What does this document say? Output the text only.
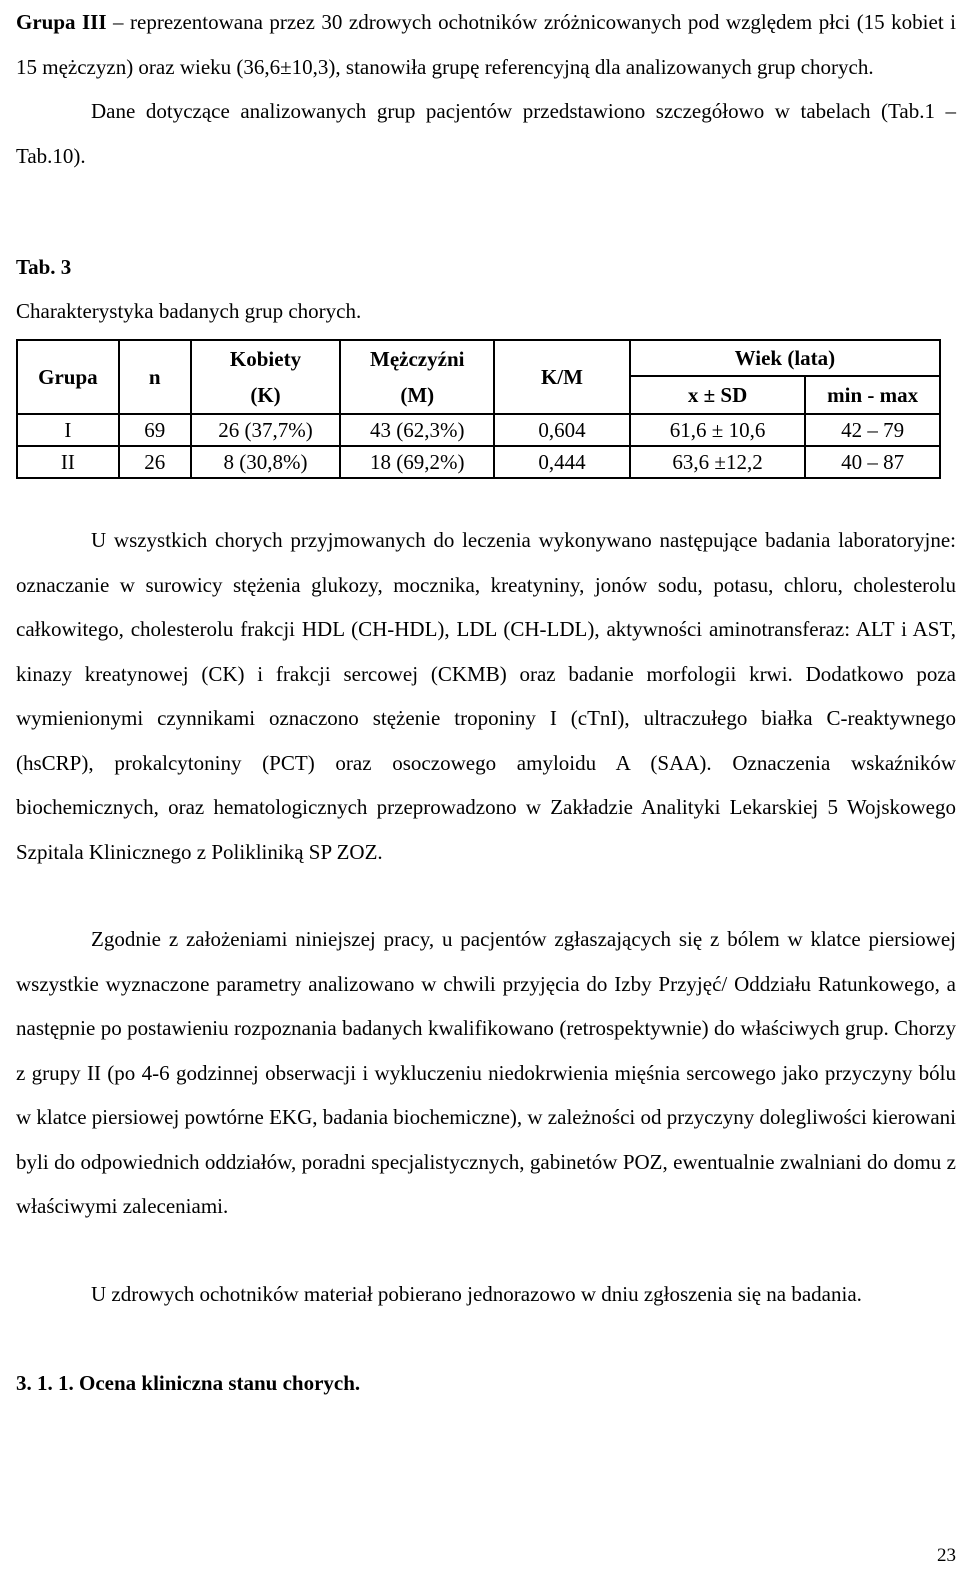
Grupa III – reprezentowana przez 30 zdrowych ochotników zróżnicowanych pod względem płci (15 kobiet i 15 mężczyzn) oraz wieku (36,6±10,3), stanowiła grupę referencyjną dla analizowanych grup chorych.
Dane dotyczące analizowanych grup pacjentów przedstawiono szczegółowo w tabelach (Tab.1 – Tab.10).

Tab. 3
Charakterystyka badanych grup chorych.
Grupa	n	Kobiety	Mężczyźni	K/M	Wiek (lata)	
		(K)	(M)		x ± SD	min - max
I	69	26 (37,7%)	43 (62,3%)	0,604	61,6 ± 10,6	42 – 79
II	26	8 (30,8%)	18 (69,2%)	0,444	63,6 ±12,2	40 – 87

U wszystkich chorych przyjmowanych do leczenia wykonywano następujące badania laboratoryjne: oznaczanie w surowicy stężenia glukozy, mocznika, kreatyniny, jonów sodu, potasu, chloru, cholesterolu całkowitego, cholesterolu frakcji HDL (CH-HDL), LDL (CH-LDL), aktywności aminotransferaz: ALT i AST, kinazy kreatynowej (CK) i frakcji sercowej (CKMB) oraz badanie morfologii krwi. Dodatkowo poza wymienionymi czynnikami oznaczono stężenie troponiny I (cTnI), ultraczułego białka C-reaktywnego (hsCRP), prokalcytoniny (PCT) oraz osoczowego amyloidu A (SAA). Oznaczenia wskaźników biochemicznych, oraz hematologicznych przeprowadzono w Zakładzie Analityki Lekarskiej 5 Wojskowego Szpitala Klinicznego z Polikliniką SP ZOZ.

Zgodnie z założeniami niniejszej pracy, u pacjentów zgłaszających się z bólem w klatce piersiowej wszystkie wyznaczone parametry analizowano w chwili przyjęcia do Izby Przyjęć/ Oddziału Ratunkowego, a następnie po postawieniu rozpoznania badanych kwalifikowano (retrospektywnie) do właściwych grup. Chorzy z grupy II (po 4-6 godzinnej obserwacji i wykluczeniu niedokrwienia mięśnia sercowego jako przyczyny bólu w klatce piersiowej powtórne EKG, badania biochemiczne), w zależności od przyczyny dolegliwości kierowani byli do odpowiednich oddziałów, poradni specjalistycznych, gabinetów POZ, ewentualnie zwalniani do domu z właściwymi zaleceniami.

U zdrowych ochotników materiał pobierano jednorazowo w dniu zgłoszenia się na badania.

3. 1. 1. Ocena kliniczna stanu chorych.
23
